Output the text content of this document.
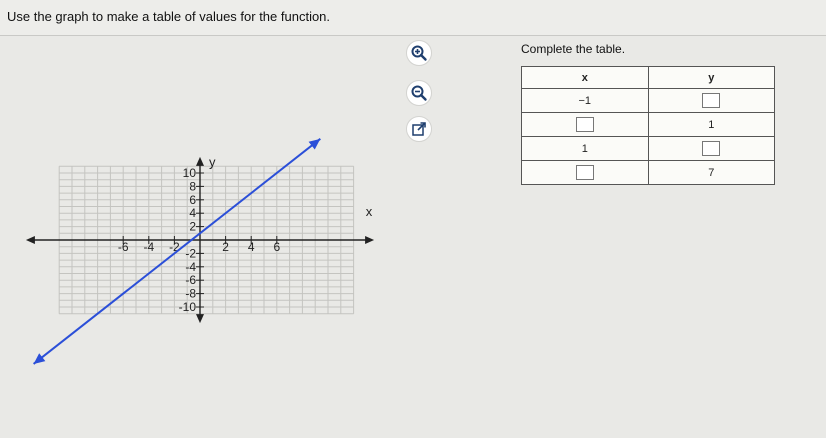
Use the graph to make a table of values for the function.
-6 -4 -2	2 4 6
10
8
6
4
2
-2
-4
-6
-8
-10
x
y
Complete the table.
x	y
−1	
	1
1	
	7
